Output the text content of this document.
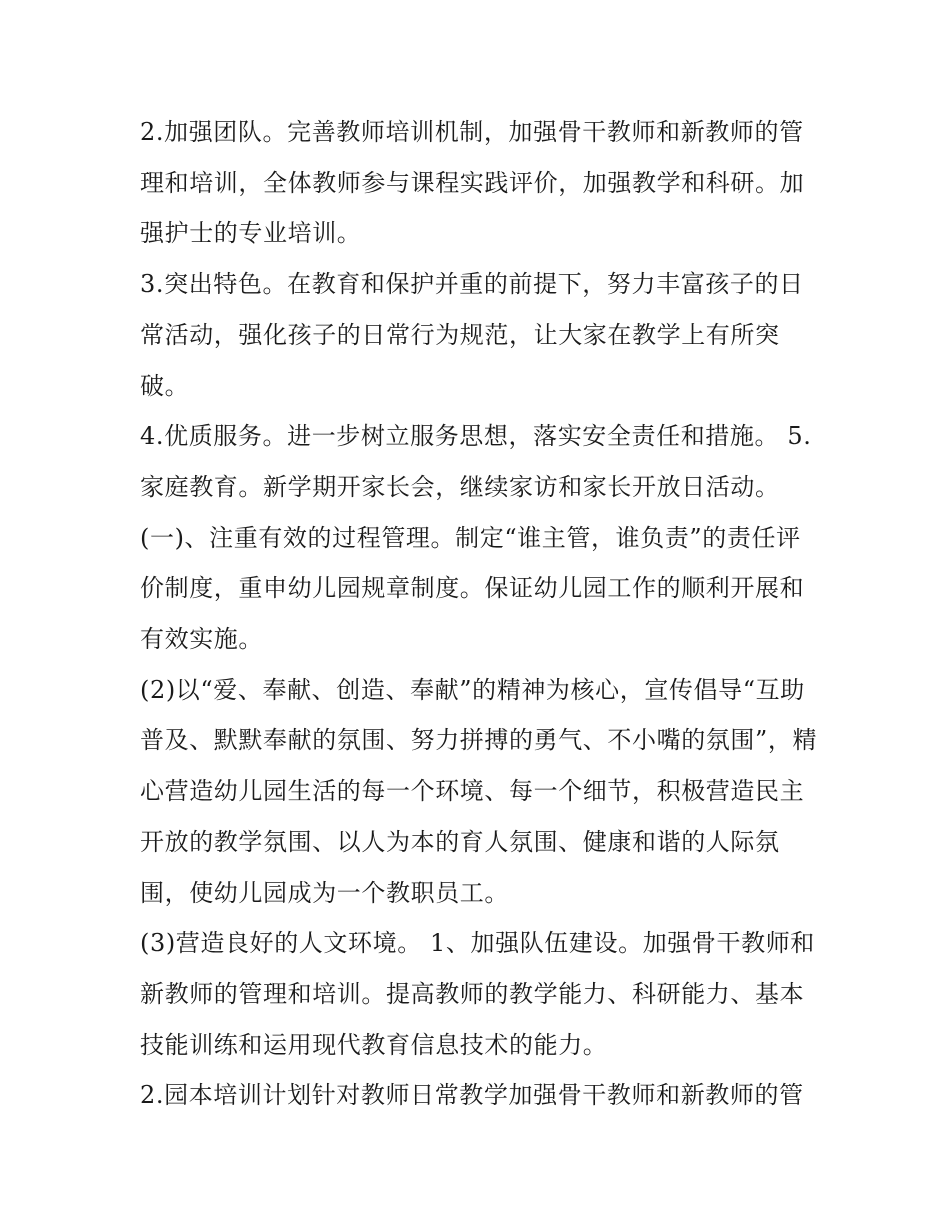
2.加强团队。完善教师培训机制，加强骨干教师和新教师的管理和培训，全体教师参与课程实践评价，加强教学和科研。加强护士的专业培训。

3.突出特色。在教育和保护并重的前提下，努力丰富孩子的日常活动，强化孩子的日常行为规范，让大家在教学上有所突破。

4.优质服务。进一步树立服务思想，落实安全责任和措施。 5.家庭教育。新学期开家长会，继续家访和家长开放日活动。

(一)、注重有效的过程管理。制定“谁主管，谁负责”的责任评价制度，重申幼儿园规章制度。保证幼儿园工作的顺利开展和有效实施。

(2)以“爱、奉献、创造、奉献”的精神为核心，宣传倡导“互助普及、默默奉献的氛围、努力拼搏的勇气、不小嘴的氛围”，精心营造幼儿园生活的每一个环境、每一个细节，积极营造民主开放的教学氛围、以人为本的育人氛围、健康和谐的人际氛围，使幼儿园成为一个教职员工。

(3)营造良好的人文环境。 1、加强队伍建设。加强骨干教师和新教师的管理和培训。提高教师的教学能力、科研能力、基本技能训练和运用现代教育信息技术的能力。

2.园本培训计划针对教师日常教学加强骨干教师和新教师的管
